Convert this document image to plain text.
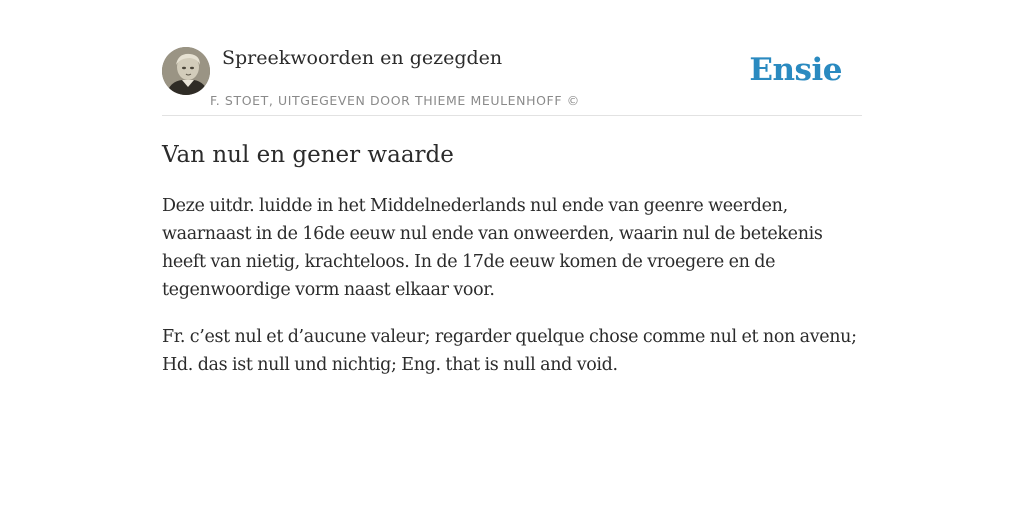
Spreekwoorden en gezegden
F. STOET, UITGEGEVEN DOOR THIEME MEULENHOFF ©
Ensie
Van nul en gener waarde

Deze uitdr. luidde in het Middelnederlands nul ende van geenre weerden, waarnaast in de 16de eeuw nul ende van onweerden, waarin nul de betekenis heeft van nietig, krachteloos. In de 17de eeuw komen de vroegere en de tegenwoordige vorm naast elkaar voor.

Fr. c’est nul et d’aucune valeur; regarder quelque chose comme nul et non avenu; Hd. das ist null und nichtig; Eng. that is null and void.
